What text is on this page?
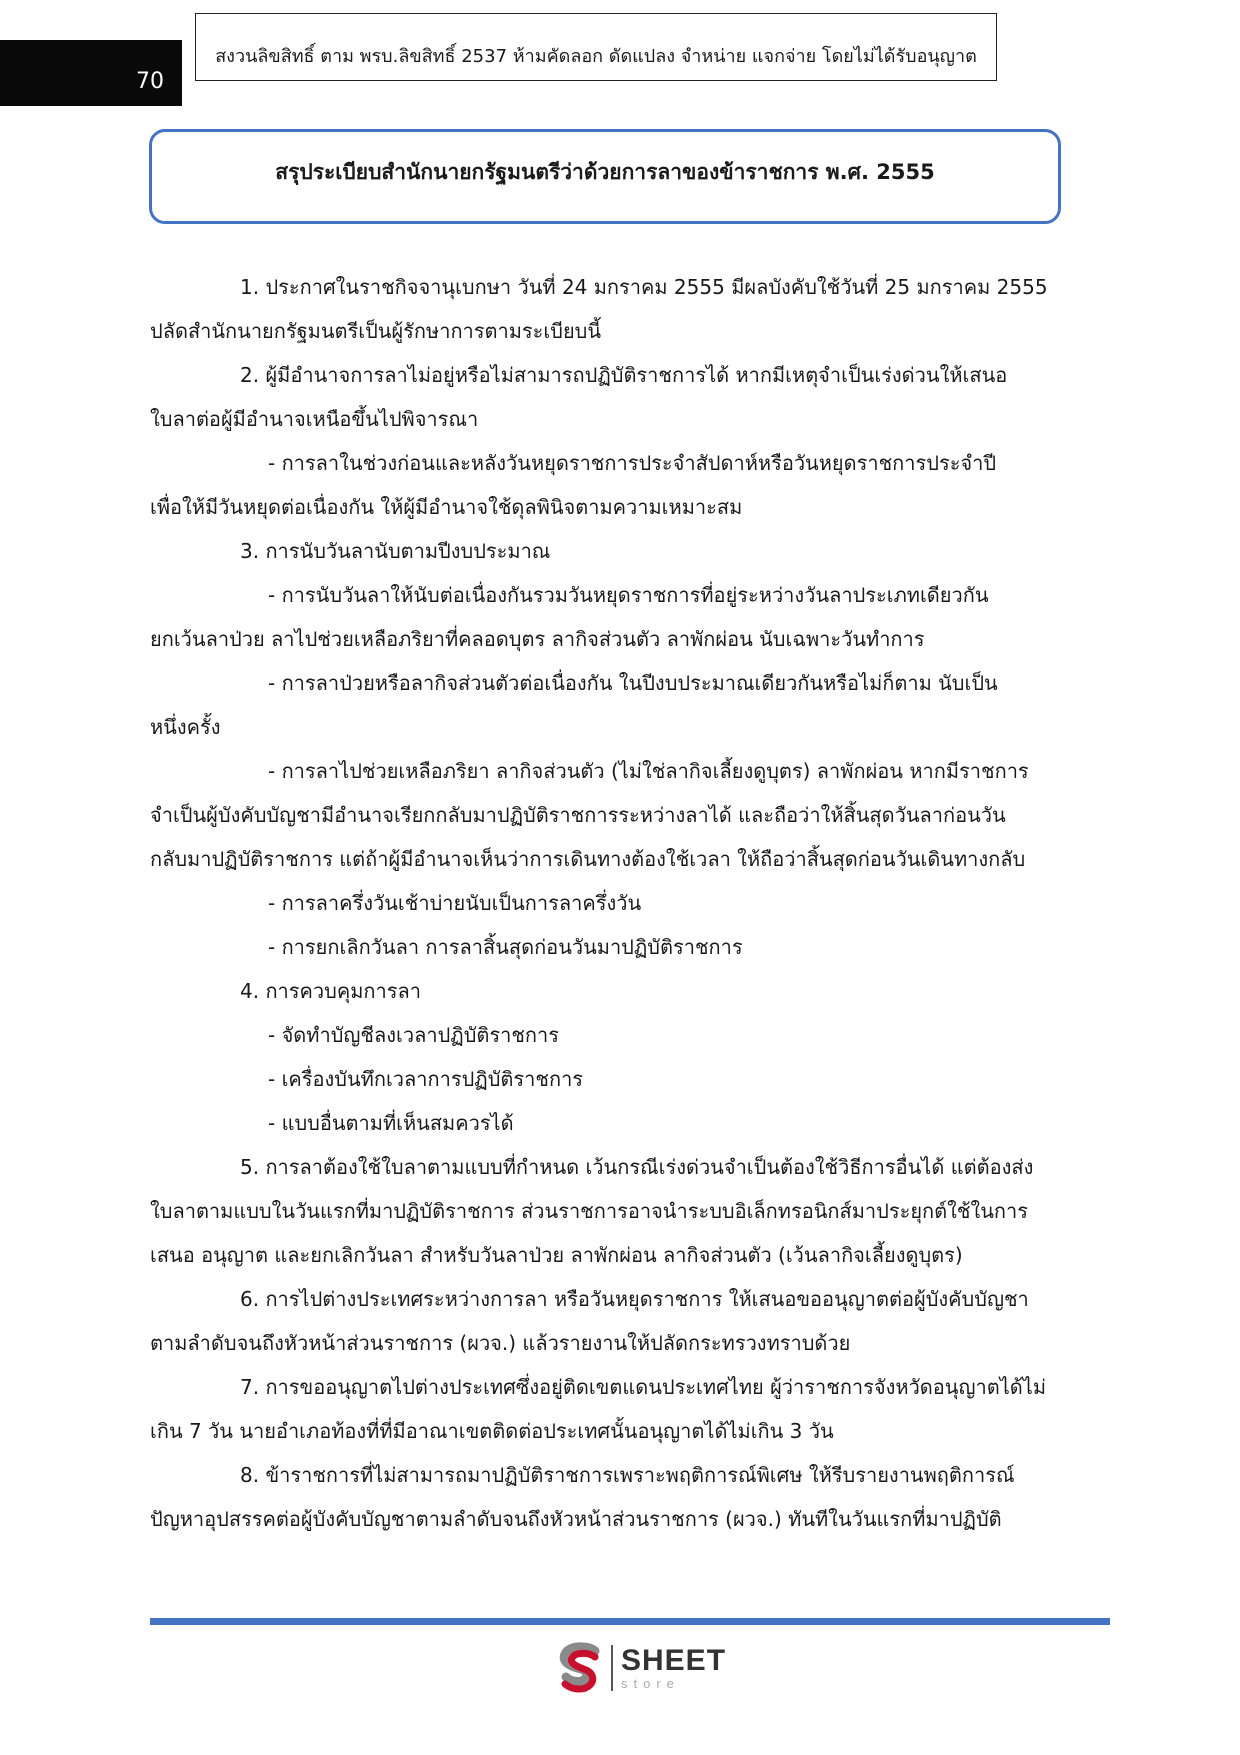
70
สงวนลิขสิทธิ์ ตาม พรบ.ลิขสิทธิ์ 2537 ห้ามคัดลอก ดัดแปลง จำหน่าย แจกจ่าย โดยไม่ได้รับอนุญาต
สรุประเบียบสำนักนายกรัฐมนตรีว่าด้วยการลาของข้าราชการ พ.ศ. 2555
1. ประกาศในราชกิจจานุเบกษา วันที่ 24 มกราคม 2555 มีผลบังคับใช้วันที่ 25 มกราคม 2555
ปลัดสำนักนายกรัฐมนตรีเป็นผู้รักษาการตามระเบียบนี้
2. ผู้มีอำนาจการลาไม่อยู่หรือไม่สามารถปฏิบัติราชการได้ หากมีเหตุจำเป็นเร่งด่วนให้เสนอ
ใบลาต่อผู้มีอำนาจเหนือขึ้นไปพิจารณา
- การลาในช่วงก่อนและหลังวันหยุดราชการประจำสัปดาห์หรือวันหยุดราชการประจำปี
เพื่อให้มีวันหยุดต่อเนื่องกัน ให้ผู้มีอำนาจใช้ดุลพินิจตามความเหมาะสม
3. การนับวันลานับตามปีงบประมาณ
- การนับวันลาให้นับต่อเนื่องกันรวมวันหยุดราชการที่อยู่ระหว่างวันลาประเภทเดียวกัน
ยกเว้นลาป่วย ลาไปช่วยเหลือภริยาที่คลอดบุตร ลากิจส่วนตัว ลาพักผ่อน นับเฉพาะวันทำการ
- การลาป่วยหรือลากิจส่วนตัวต่อเนื่องกัน ในปีงบประมาณเดียวกันหรือไม่ก็ตาม นับเป็น
หนึ่งครั้ง
- การลาไปช่วยเหลือภริยา ลากิจส่วนตัว (ไม่ใช่ลากิจเลี้ยงดูบุตร) ลาพักผ่อน หากมีราชการ
จำเป็นผู้บังคับบัญชามีอำนาจเรียกกลับมาปฏิบัติราชการระหว่างลาได้ และถือว่าให้สิ้นสุดวันลาก่อนวัน
กลับมาปฏิบัติราชการ แต่ถ้าผู้มีอำนาจเห็นว่าการเดินทางต้องใช้เวลา ให้ถือว่าสิ้นสุดก่อนวันเดินทางกลับ
- การลาครึ่งวันเช้าบ่ายนับเป็นการลาครึ่งวัน
- การยกเลิกวันลา การลาสิ้นสุดก่อนวันมาปฏิบัติราชการ
4. การควบคุมการลา
- จัดทำบัญชีลงเวลาปฏิบัติราชการ
- เครื่องบันทึกเวลาการปฏิบัติราชการ
- แบบอื่นตามที่เห็นสมควรได้
5. การลาต้องใช้ใบลาตามแบบที่กำหนด เว้นกรณีเร่งด่วนจำเป็นต้องใช้วิธีการอื่นได้ แต่ต้องส่ง
ใบลาตามแบบในวันแรกที่มาปฏิบัติราชการ ส่วนราชการอาจนำระบบอิเล็กทรอนิกส์มาประยุกต์ใช้ในการ
เสนอ อนุญาต และยกเลิกวันลา สำหรับวันลาป่วย ลาพักผ่อน ลากิจส่วนตัว (เว้นลากิจเลี้ยงดูบุตร)
6. การไปต่างประเทศระหว่างการลา หรือวันหยุดราชการ ให้เสนอขออนุญาตต่อผู้บังคับบัญชา
ตามลำดับจนถึงหัวหน้าส่วนราชการ (ผวจ.) แล้วรายงานให้ปลัดกระทรวงทราบด้วย
7. การขออนุญาตไปต่างประเทศซึ่งอยู่ติดเขตแดนประเทศไทย ผู้ว่าราชการจังหวัดอนุญาตได้ไม่
เกิน 7 วัน นายอำเภอท้องที่ที่มีอาณาเขตติดต่อประเทศนั้นอนุญาตได้ไม่เกิน 3 วัน
8. ข้าราชการที่ไม่สามารถมาปฏิบัติราชการเพราะพฤติการณ์พิเศษ ให้รีบรายงานพฤติการณ์
ปัญหาอุปสรรคต่อผู้บังคับบัญชาตามลำดับจนถึงหัวหน้าส่วนราชการ (ผวจ.) ทันทีในวันแรกที่มาปฏิบัติ
SHEET
store
